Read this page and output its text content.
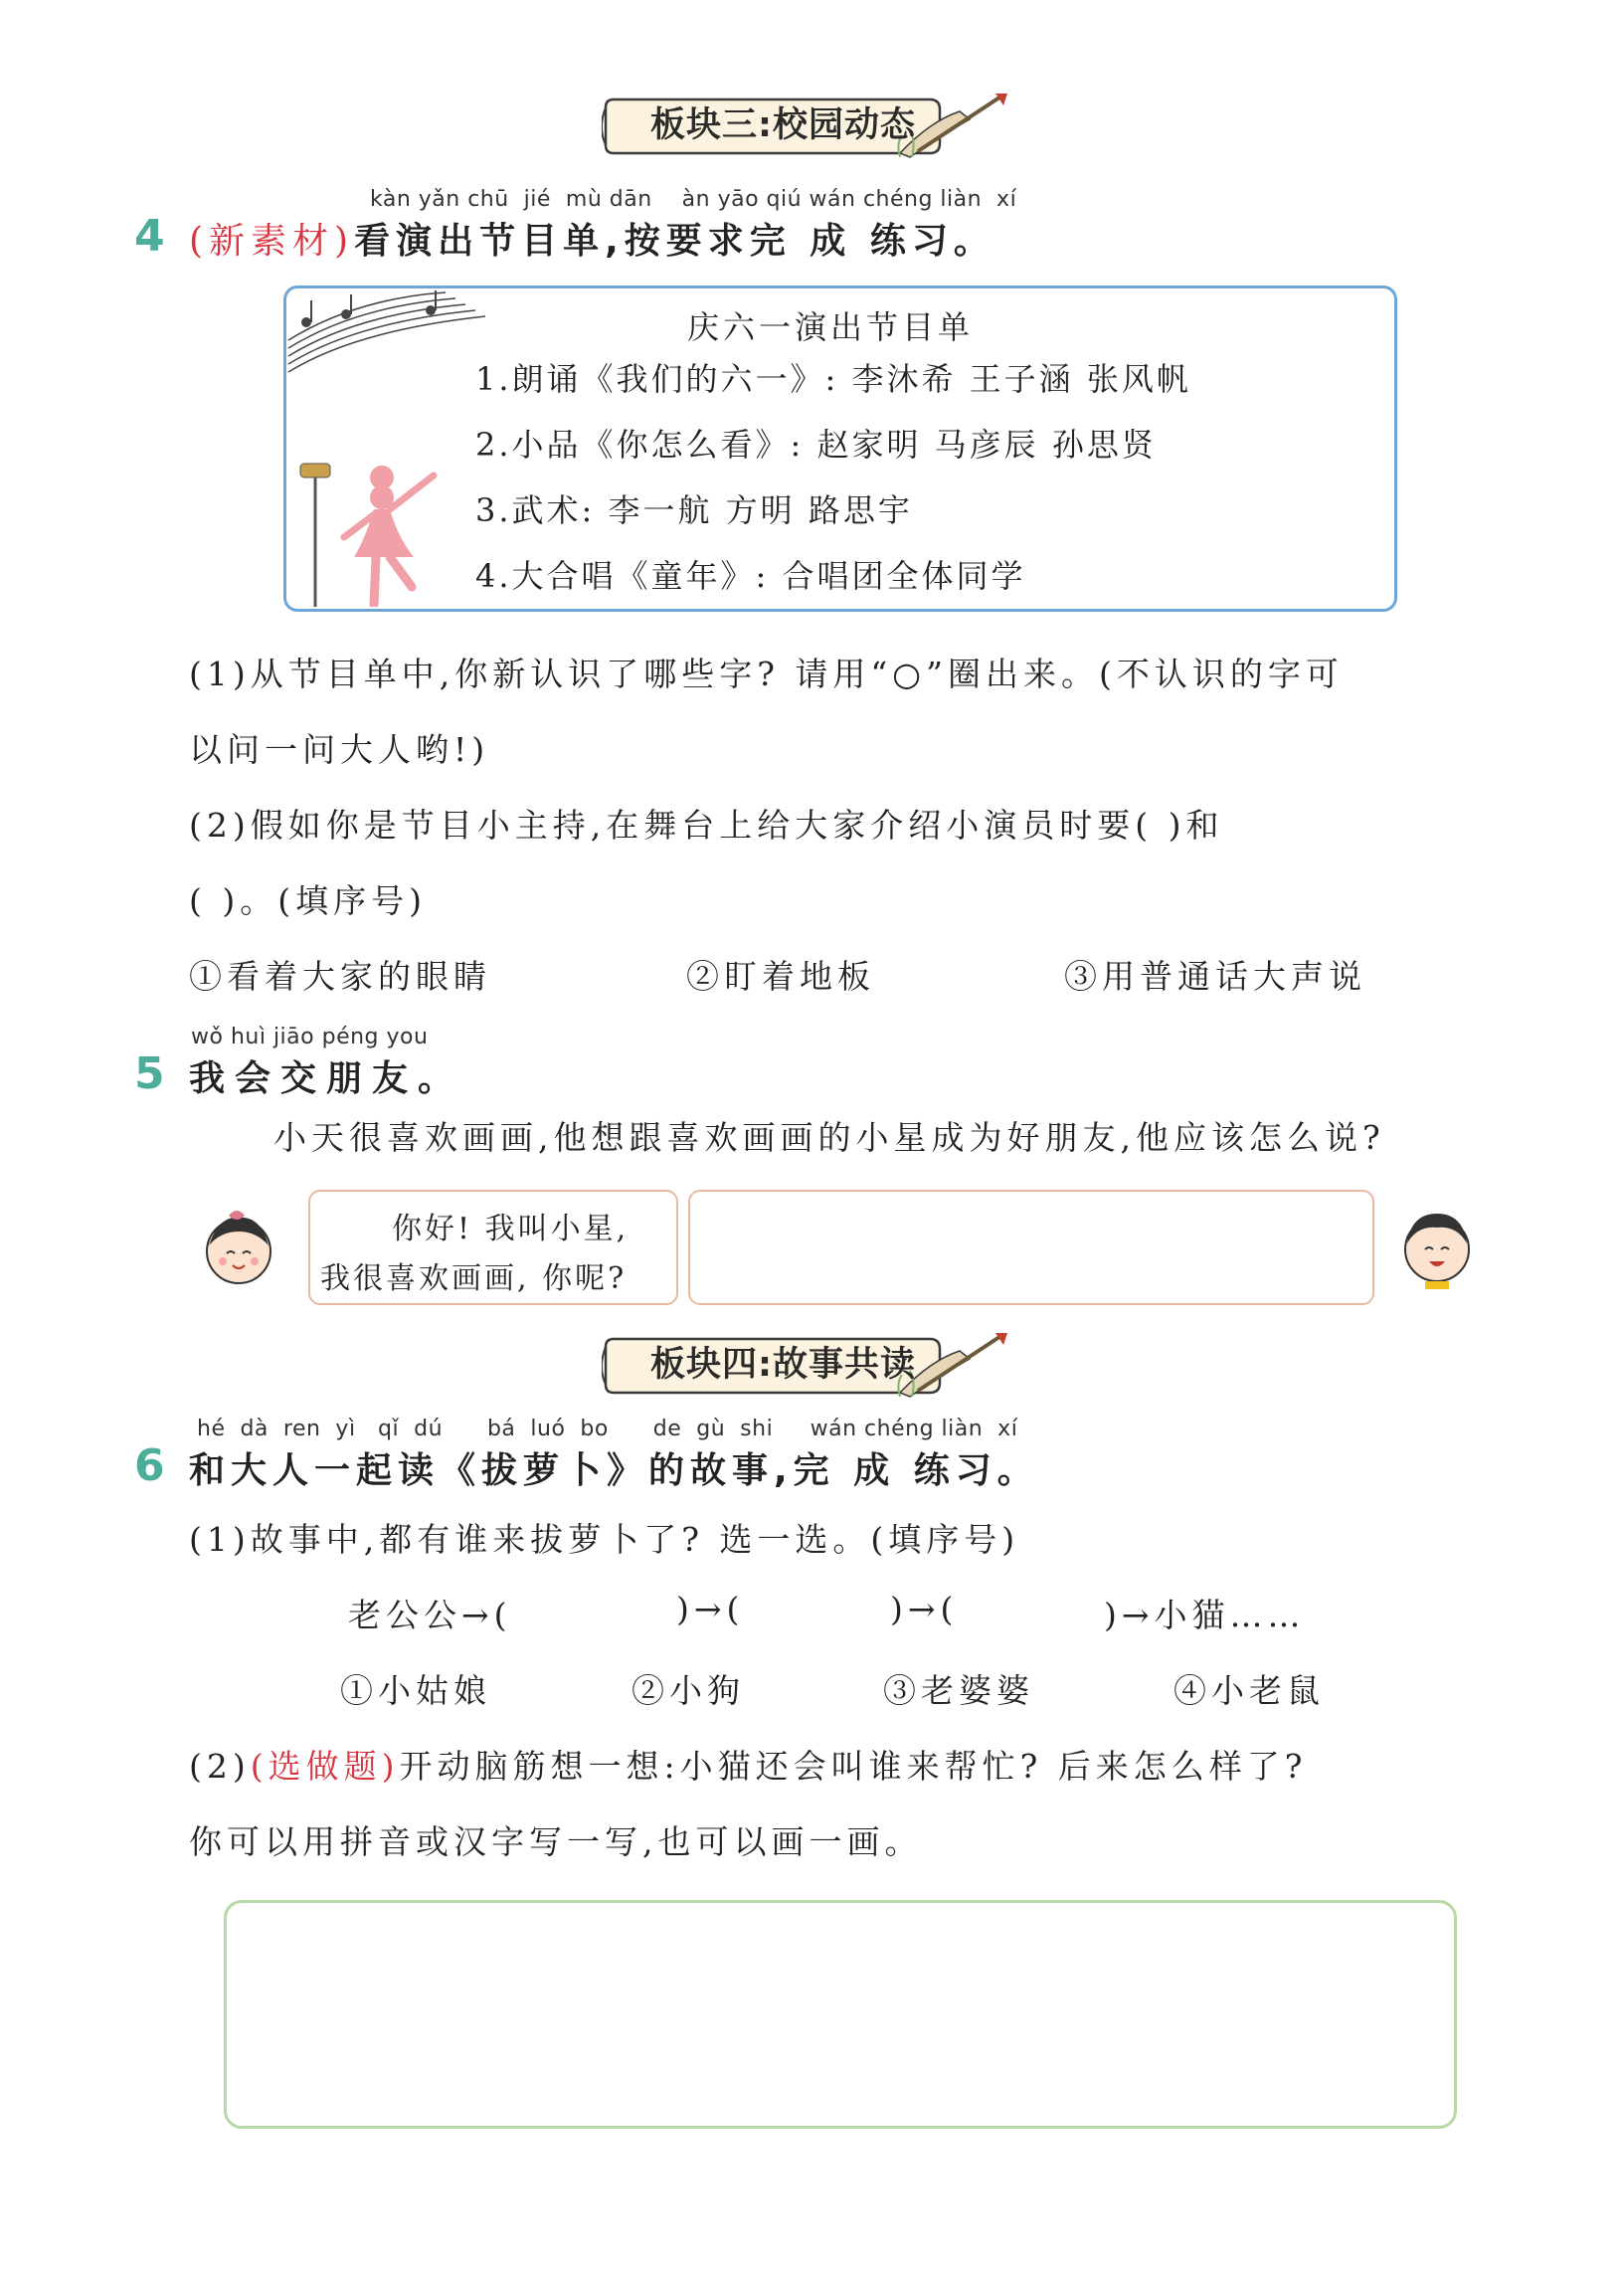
板块三:校园动态
kàn yǎn chū  jié  mù dān    àn yāo qiú wán chéng liàn  xí
4 (新素材)看演出节目单,按要求完 成 练习。
庆六一演出节目单
1.朗诵《我们的六一》: 李沐希 王子涵 张风帆
2.小品《你怎么看》: 赵家明 马彦辰 孙思贤
3.武术: 李一航 方明 路思宇
4.大合唱《童年》: 合唱团全体同学
(1)从节目单中,你新认识了哪些字? 请用“○”圈出来。(不认识的字可
以问一问大人哟!)
(2)假如你是节目小主持,在舞台上给大家介绍小演员时要( )和
( )。(填序号)
①看着大家的眼睛	②盯着地板	③用普通话大声说
wǒ huì jiāo péng you
5 我会交朋友。
小天很喜欢画画,他想跟喜欢画画的小星成为好朋友,他应该怎么说?
你好! 我叫小星,
我很喜欢画画, 你呢?
板块四:故事共读
hé  dà  ren  yì   qǐ  dú      bá  luó  bo      de  gù  shi     wán chéng liàn  xí
6 和大人一起读《拔萝卜》的故事,完 成 练习。
(1)故事中,都有谁来拔萝卜了? 选一选。(填序号)
老公公→(	)→(	)→(	)→小猫……
①小姑娘	②小狗	③老婆婆	④小老鼠
(2)(选做题)开动脑筋想一想:小猫还会叫谁来帮忙? 后来怎么样了?
你可以用拼音或汉字写一写,也可以画一画。
